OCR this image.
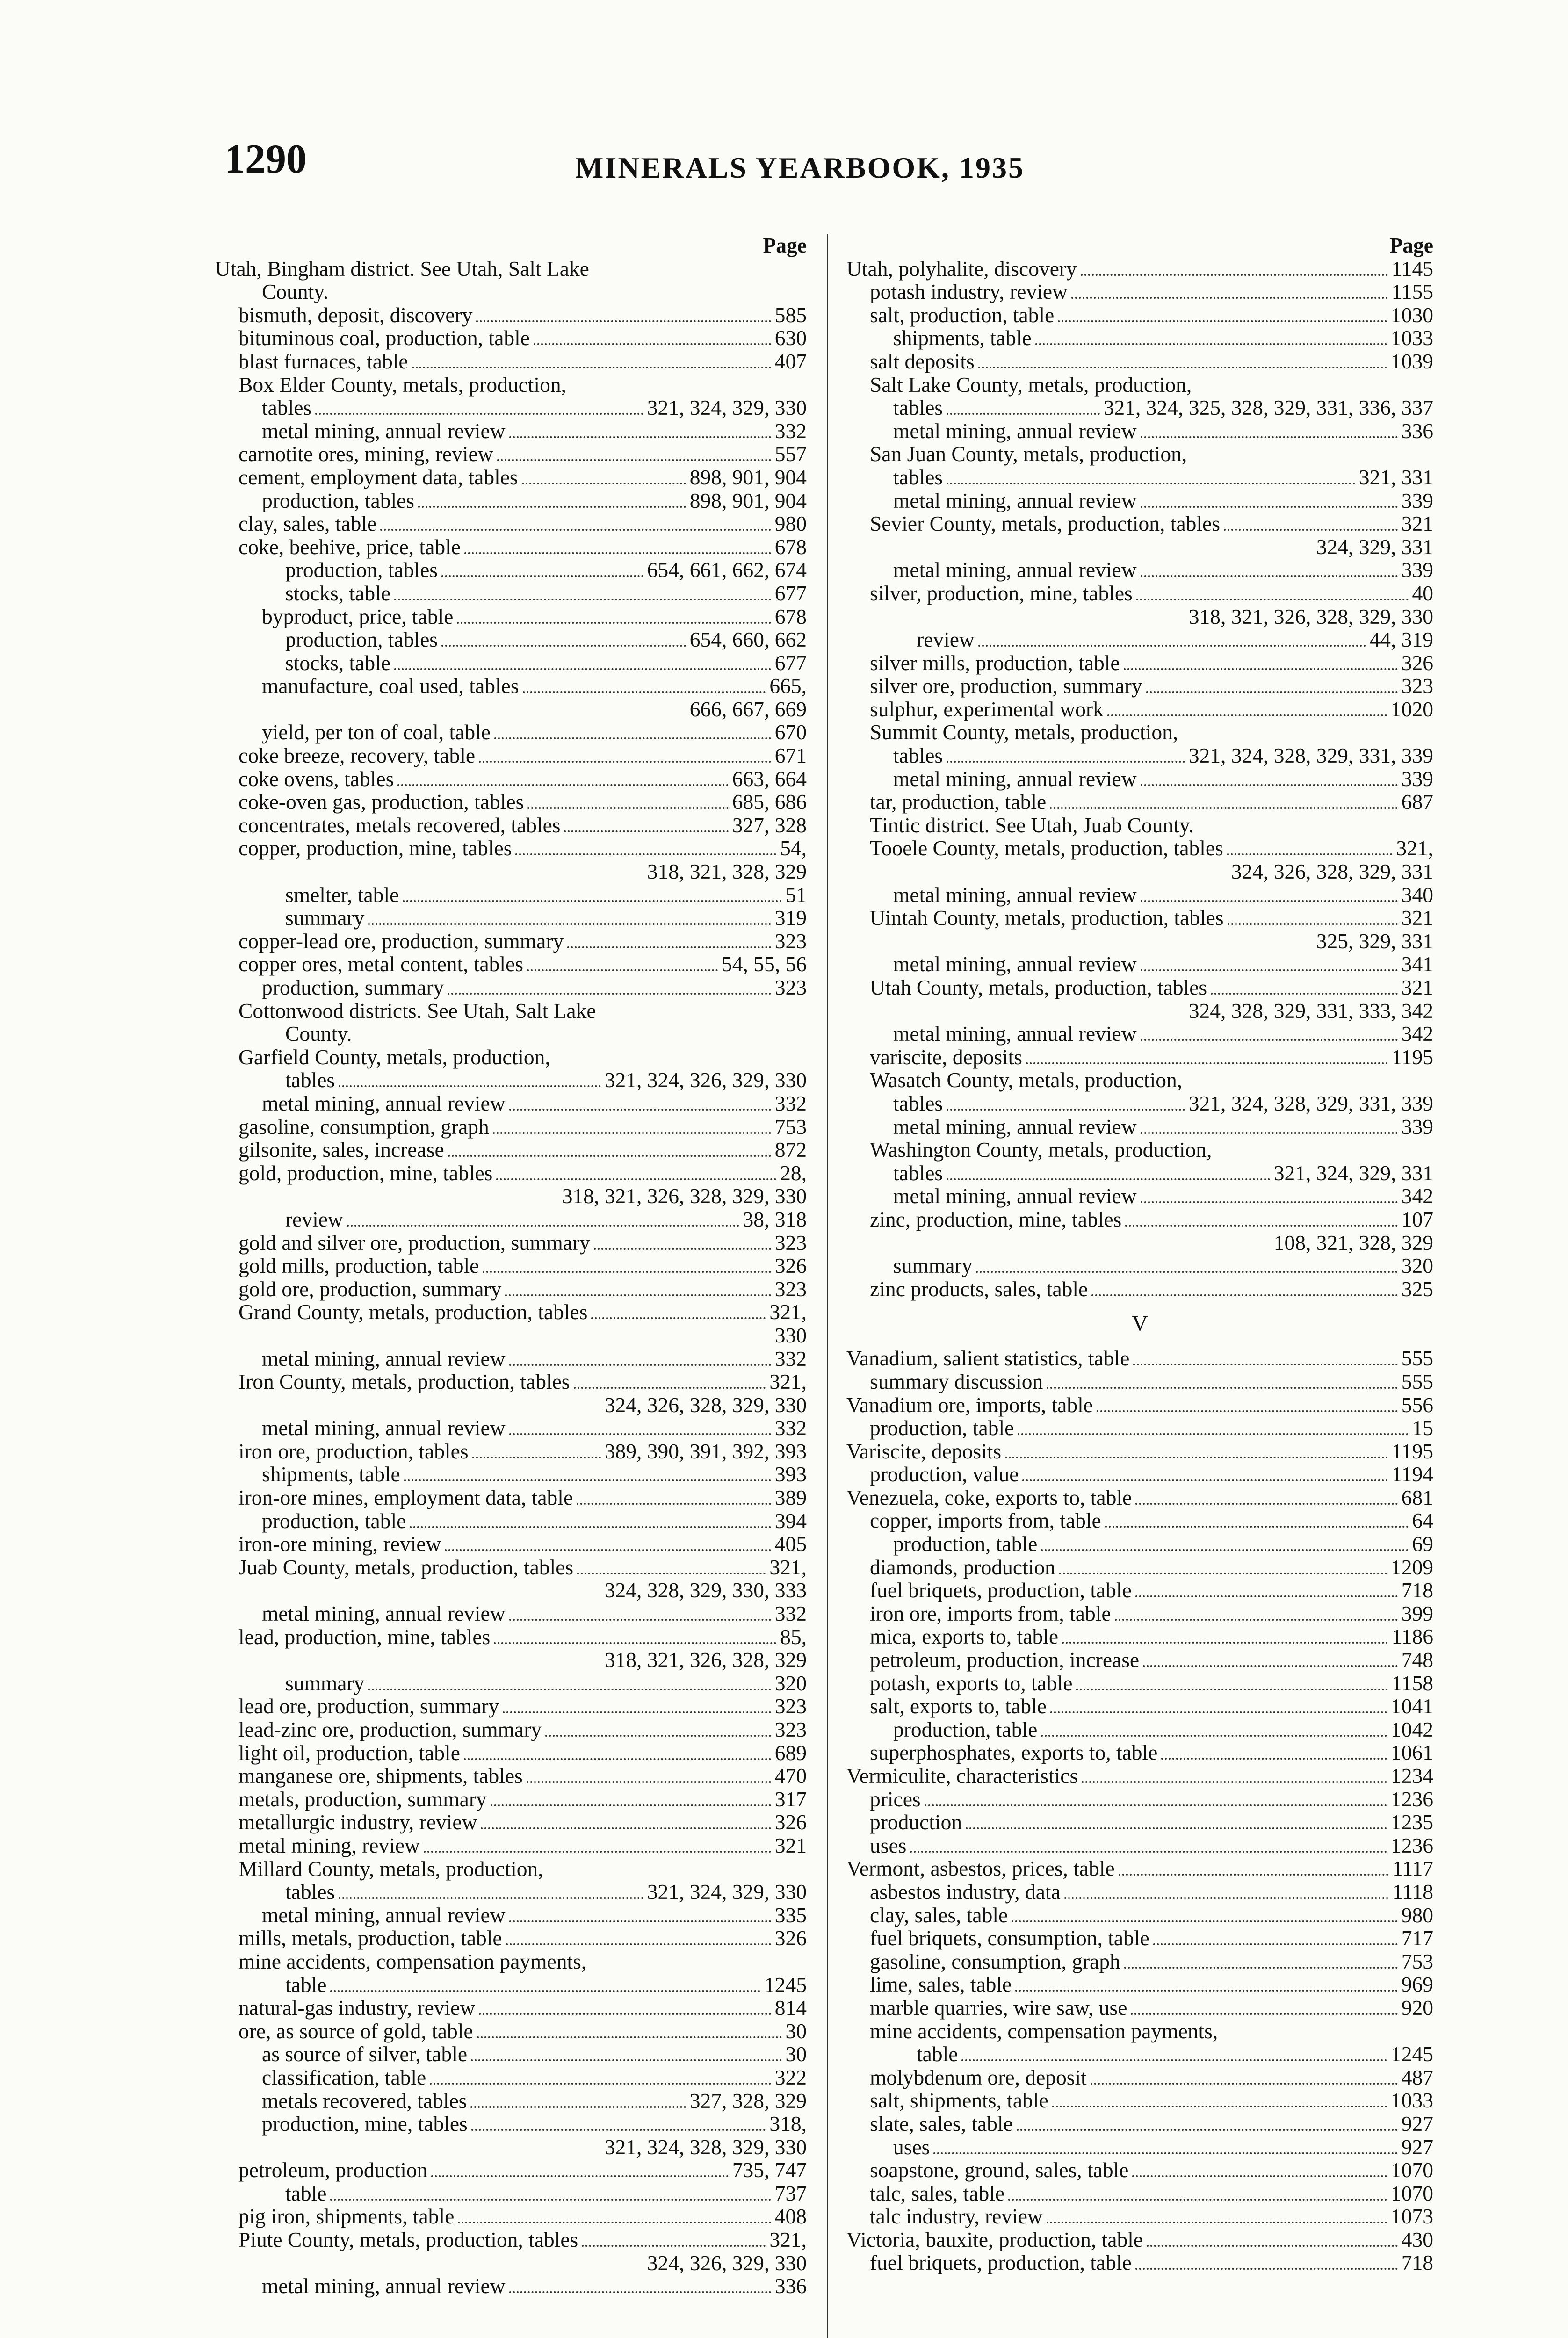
1290	MINERALS YEARBOOK, 1935
Page
Utah, Bingham district. See Utah, Salt Lake
County.
bismuth, deposit, discovery	585
bituminous coal, production, table	630
blast furnaces, table	407
Box Elder County, metals, production,
tables	321, 324, 329, 330
metal mining, annual review	332
carnotite ores, mining, review	557
cement, employment data, tables	898, 901, 904
production, tables	898, 901, 904
clay, sales, table	980
coke, beehive, price, table	678
production, tables	654, 661, 662, 674
stocks, table	677
byproduct, price, table	678
production, tables	654, 660, 662
stocks, table	677
manufacture, coal used, tables	665,
666, 667, 669
yield, per ton of coal, table	670
coke breeze, recovery, table	671
coke ovens, tables	663, 664
coke-oven gas, production, tables	685, 686
concentrates, metals recovered, tables	327, 328
copper, production, mine, tables	54,
318, 321, 328, 329
smelter, table	51
summary	319
copper-lead ore, production, summary	323
copper ores, metal content, tables	54, 55, 56
production, summary	323
Cottonwood districts. See Utah, Salt Lake
County.
Garfield County, metals, production,
tables	321, 324, 326, 329, 330
metal mining, annual review	332
gasoline, consumption, graph	753
gilsonite, sales, increase	872
gold, production, mine, tables	28,
318, 321, 326, 328, 329, 330
review	38, 318
gold and silver ore, production, summary	323
gold mills, production, table	326
gold ore, production, summary	323
Grand County, metals, production, tables	321,
330
metal mining, annual review	332
Iron County, metals, production, tables	321,
324, 326, 328, 329, 330
metal mining, annual review	332
iron ore, production, tables	389, 390, 391, 392, 393
shipments, table	393
iron-ore mines, employment data, table	389
production, table	394
iron-ore mining, review	405
Juab County, metals, production, tables	321,
324, 328, 329, 330, 333
metal mining, annual review	332
lead, production, mine, tables	85,
318, 321, 326, 328, 329
summary	320
lead ore, production, summary	323
lead-zinc ore, production, summary	323
light oil, production, table	689
manganese ore, shipments, tables	470
metals, production, summary	317
metallurgic industry, review	326
metal mining, review	321
Millard County, metals, production,
tables	321, 324, 329, 330
metal mining, annual review	335
mills, metals, production, table	326
mine accidents, compensation payments,
table	1245
natural-gas industry, review	814
ore, as source of gold, table	30
as source of silver, table	30
classification, table	322
metals recovered, tables	327, 328, 329
production, mine, tables	318,
321, 324, 328, 329, 330
petroleum, production	735, 747
table	737
pig iron, shipments, table	408
Piute County, metals, production, tables	321,
324, 326, 329, 330
metal mining, annual review	336
Page
Utah, polyhalite, discovery	1145
potash industry, review	1155
salt, production, table	1030
shipments, table	1033
salt deposits	1039
Salt Lake County, metals, production,
tables	321, 324, 325, 328, 329, 331, 336, 337
metal mining, annual review	336
San Juan County, metals, production,
tables	321, 331
metal mining, annual review	339
Sevier County, metals, production, tables	321
324, 329, 331
metal mining, annual review	339
silver, production, mine, tables	40
318, 321, 326, 328, 329, 330
review	44, 319
silver mills, production, table	326
silver ore, production, summary	323
sulphur, experimental work	1020
Summit County, metals, production,
tables	321, 324, 328, 329, 331, 339
metal mining, annual review	339
tar, production, table	687
Tintic district. See Utah, Juab County.
Tooele County, metals, production, tables	321,
324, 326, 328, 329, 331
metal mining, annual review	340
Uintah County, metals, production, tables	321
325, 329, 331
metal mining, annual review	341
Utah County, metals, production, tables	321
324, 328, 329, 331, 333, 342
metal mining, annual review	342
variscite, deposits	1195
Wasatch County, metals, production,
tables	321, 324, 328, 329, 331, 339
metal mining, annual review	339
Washington County, metals, production,
tables	321, 324, 329, 331
metal mining, annual review	342
zinc, production, mine, tables	107
108, 321, 328, 329
summary	320
zinc products, sales, table	325
V
Vanadium, salient statistics, table	555
summary discussion	555
Vanadium ore, imports, table	556
production, table	15
Variscite, deposits	1195
production, value	1194
Venezuela, coke, exports to, table	681
copper, imports from, table	64
production, table	69
diamonds, production	1209
fuel briquets, production, table	718
iron ore, imports from, table	399
mica, exports to, table	1186
petroleum, production, increase	748
potash, exports to, table	1158
salt, exports to, table	1041
production, table	1042
superphosphates, exports to, table	1061
Vermiculite, characteristics	1234
prices	1236
production	1235
uses	1236
Vermont, asbestos, prices, table	1117
asbestos industry, data	1118
clay, sales, table	980
fuel briquets, consumption, table	717
gasoline, consumption, graph	753
lime, sales, table	969
marble quarries, wire saw, use	920
mine accidents, compensation payments,
table	1245
molybdenum ore, deposit	487
salt, shipments, table	1033
slate, sales, table	927
uses	927
soapstone, ground, sales, table	1070
talc, sales, table	1070
talc industry, review	1073
Victoria, bauxite, production, table	430
fuel briquets, production, table	718
